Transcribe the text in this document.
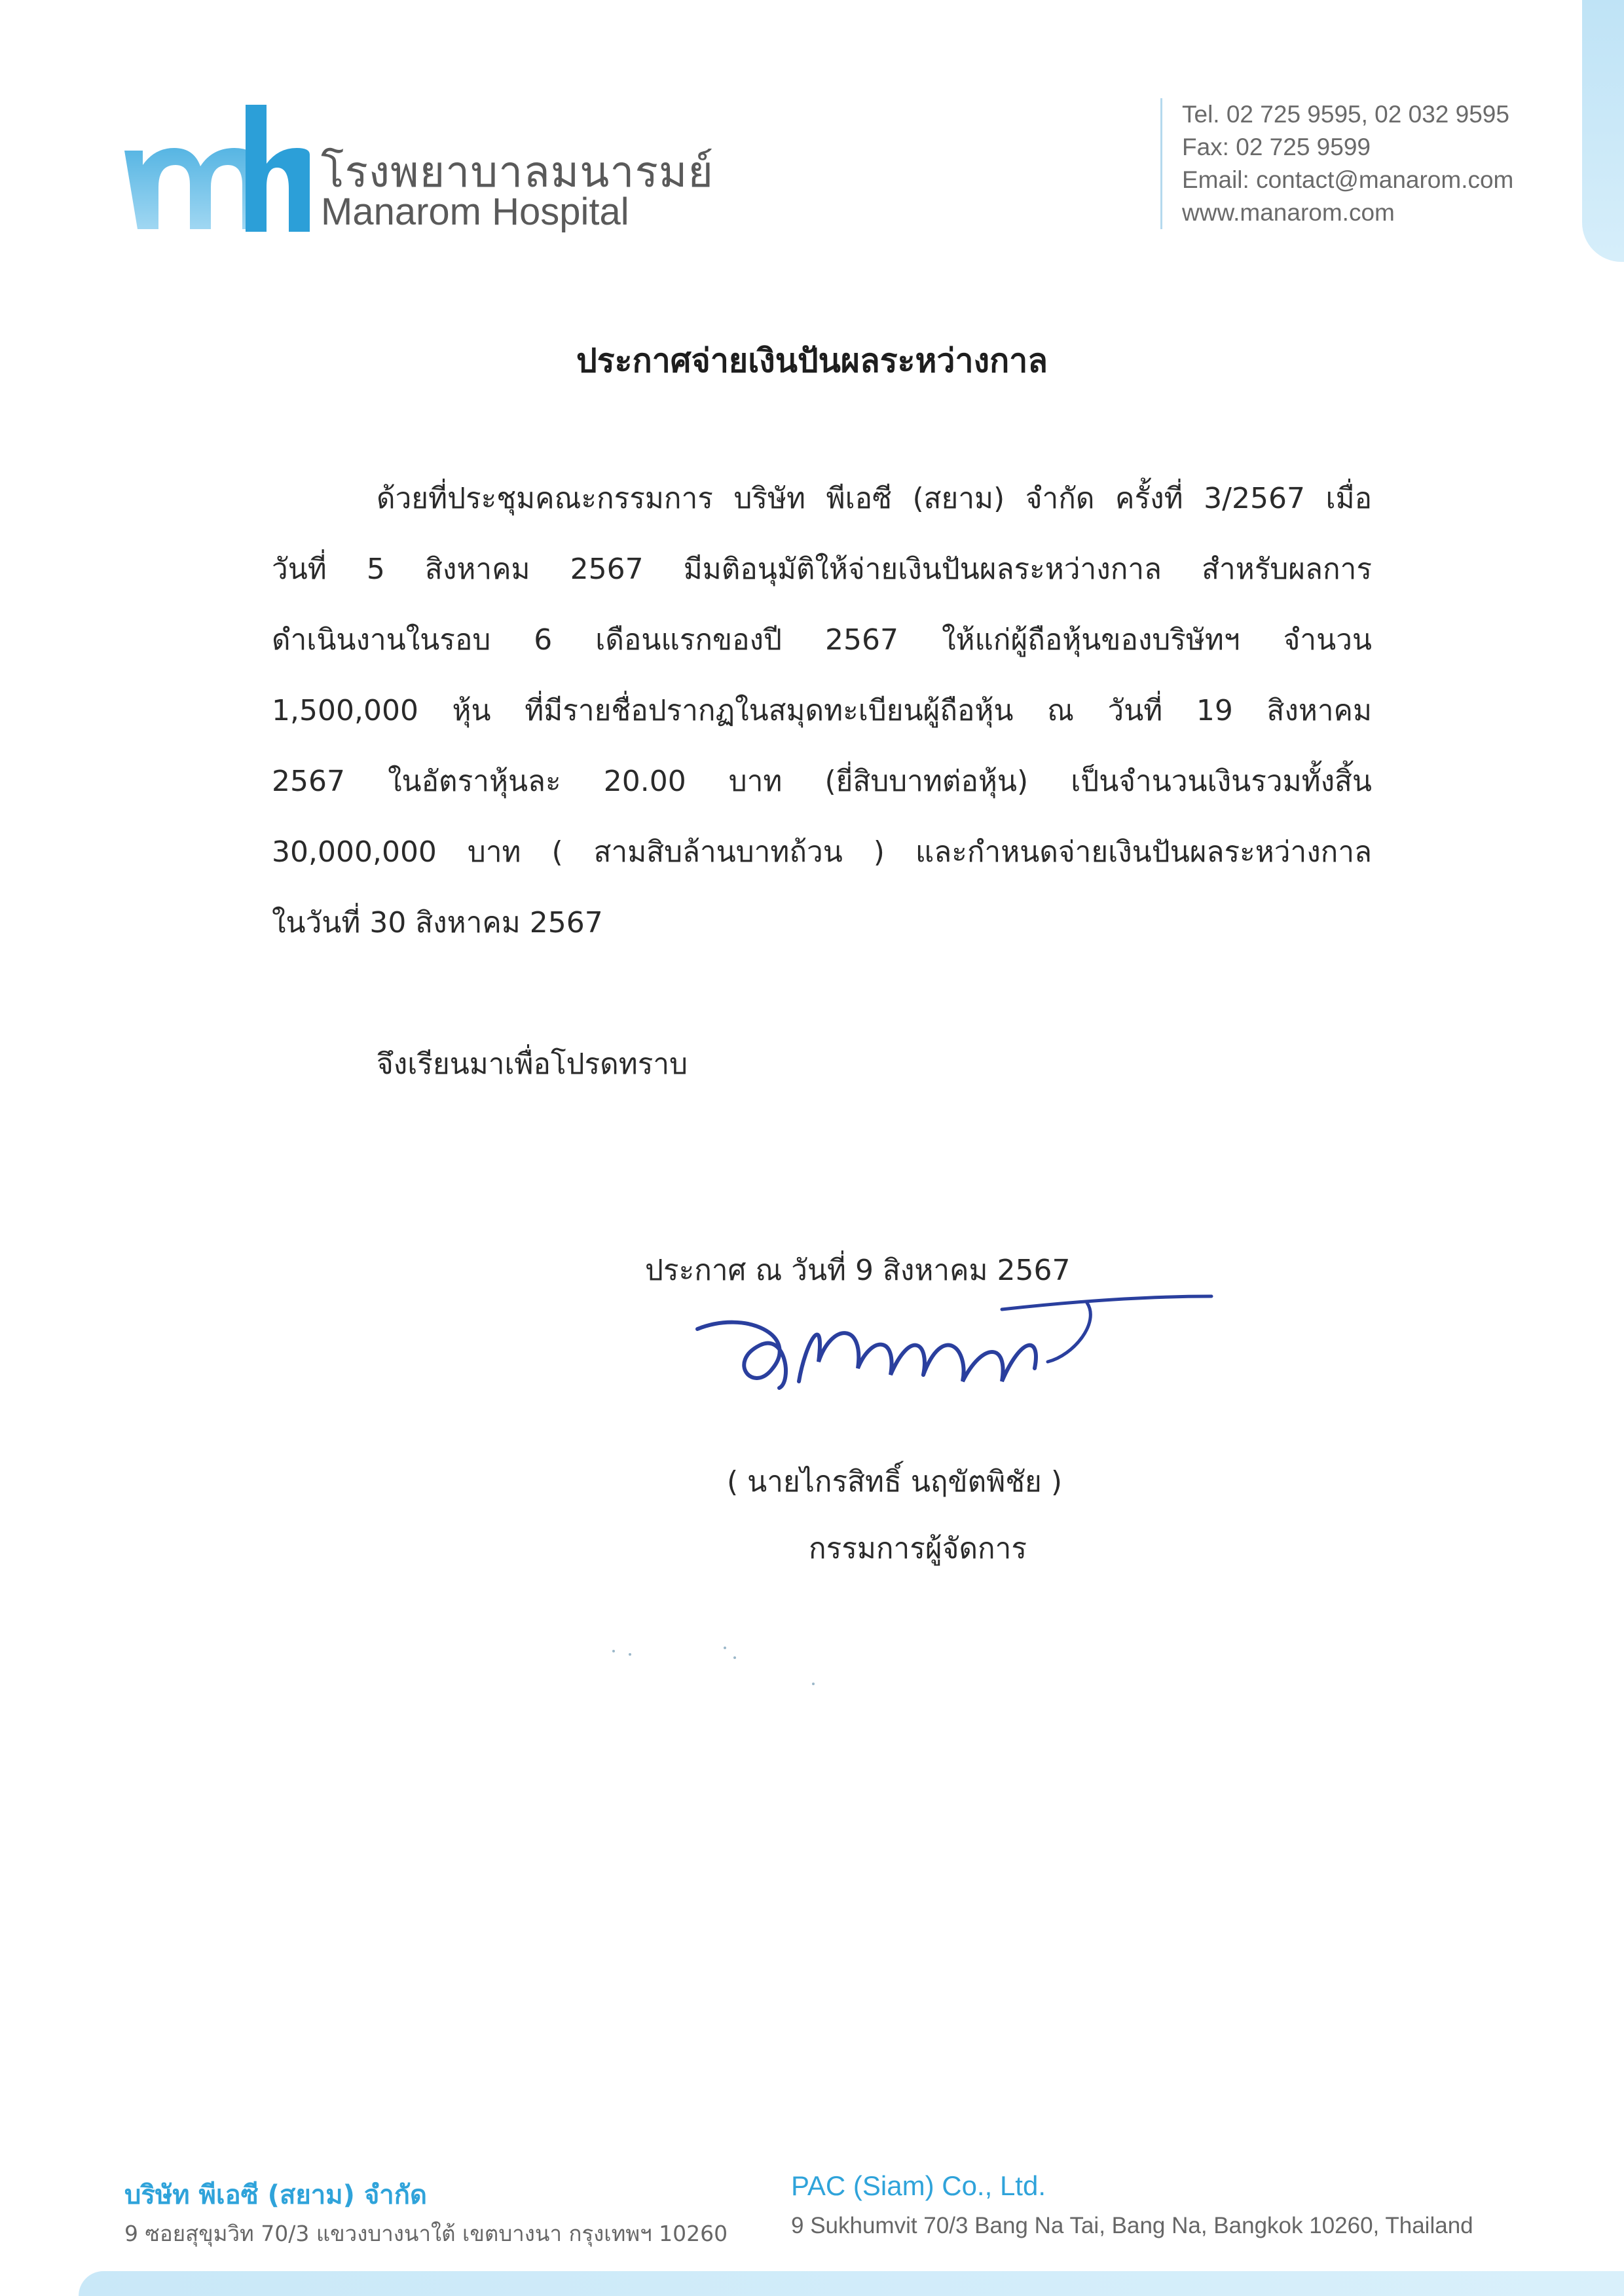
โรงพยาบาลมนารมย์
Manarom Hospital
Tel. 02 725 9595, 02 032 9595
Fax: 02 725 9599
Email: contact@manarom.com
www.manarom.com
ประกาศจ่ายเงินปันผลระหว่างกาล
ด้วยที่ประชุมคณะกรรมการ บริษัท พีเอซี (สยาม) จำกัด ครั้งที่ 3/2567 เมื่อ
วันที่ 5 สิงหาคม 2567 มีมติอนุมัติให้จ่ายเงินปันผลระหว่างกาล สำหรับผลการ
ดำเนินงานในรอบ 6 เดือนแรกของปี 2567 ให้แก่ผู้ถือหุ้นของบริษัทฯ จำนวน
1,500,000 หุ้น ที่มีรายชื่อปรากฏในสมุดทะเบียนผู้ถือหุ้น ณ วันที่ 19 สิงหาคม
2567 ในอัตราหุ้นละ 20.00 บาท (ยี่สิบบาทต่อหุ้น) เป็นจำนวนเงินรวมทั้งสิ้น
30,000,000 บาท ( สามสิบล้านบาทถ้วน ) และกำหนดจ่ายเงินปันผลระหว่างกาล
ในวันที่ 30 สิงหาคม 2567
จึงเรียนมาเพื่อโปรดทราบ
ประกาศ ณ วันที่ 9 สิงหาคม 2567
( นายไกรสิทธิ์ นฤขัตพิชัย )
กรรมการผู้จัดการ
บริษัท พีเอซี (สยาม) จำกัด
9 ซอยสุขุมวิท 70/3 แขวงบางนาใต้ เขตบางนา กรุงเทพฯ 10260
PAC (Siam) Co., Ltd.
9 Sukhumvit 70/3 Bang Na Tai, Bang Na, Bangkok 10260, Thailand
